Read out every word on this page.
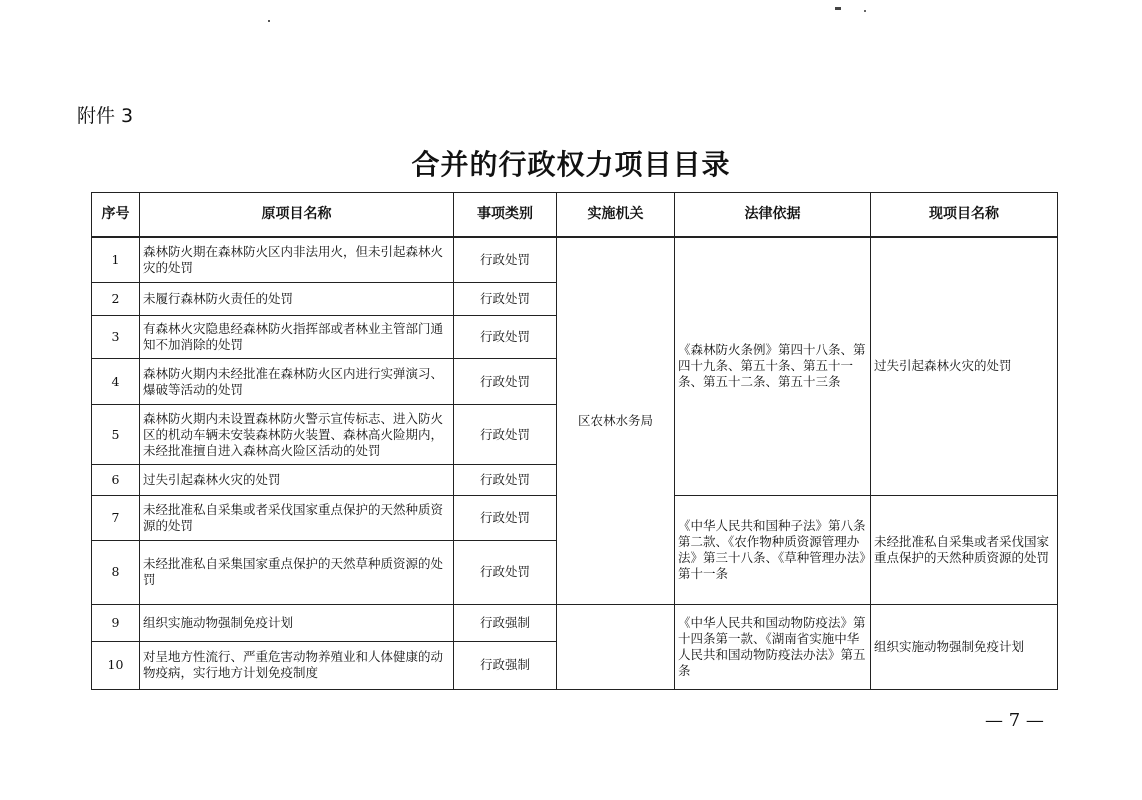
附件 3
合并的行政权力项目目录
序号	原项目名称	事项类别	实施机关	法律依据	现项目名称
1	森林防火期在森林防火区内非法用火，但未引起森林火灾的处罚	行政处罚	区农林水务局	《森林防火条例》第四十八条、第四十九条、第五十条、第五十一条、第五十二条、第五十三条	过失引起森林火灾的处罚
2	未履行森林防火责任的处罚	行政处罚			
3	有森林火灾隐患经森林防火指挥部或者林业主管部门通知不加消除的处罚	行政处罚			
4	森林防火期内未经批准在森林防火区内进行实弹演习、爆破等活动的处罚	行政处罚			
5	森林防火期内未设置森林防火警示宣传标志、进入防火区的机动车辆未安装森林防火装置、森林高火险期内，未经批准擅自进入森林高火险区活动的处罚	行政处罚			
6	过失引起森林火灾的处罚	行政处罚			
7	未经批准私自采集或者采伐国家重点保护的天然种质资源的处罚	行政处罚		《中华人民共和国种子法》第八条第二款、《农作物种质资源管理办法》第三十八条、《草种管理办法》第十一条	未经批准私自采集或者采伐国家重点保护的天然种质资源的处罚
8	未经批准私自采集国家重点保护的天然草种质资源的处罚	行政处罚			
9	组织实施动物强制免疫计划	行政强制		《中华人民共和国动物防疫法》第十四条第一款、《湖南省实施中华人民共和国动物防疫法办法》第五条	组织实施动物强制免疫计划
10	对呈地方性流行、严重危害动物养殖业和人体健康的动物疫病，实行地方计划免疫制度	行政强制			
— 7 —
